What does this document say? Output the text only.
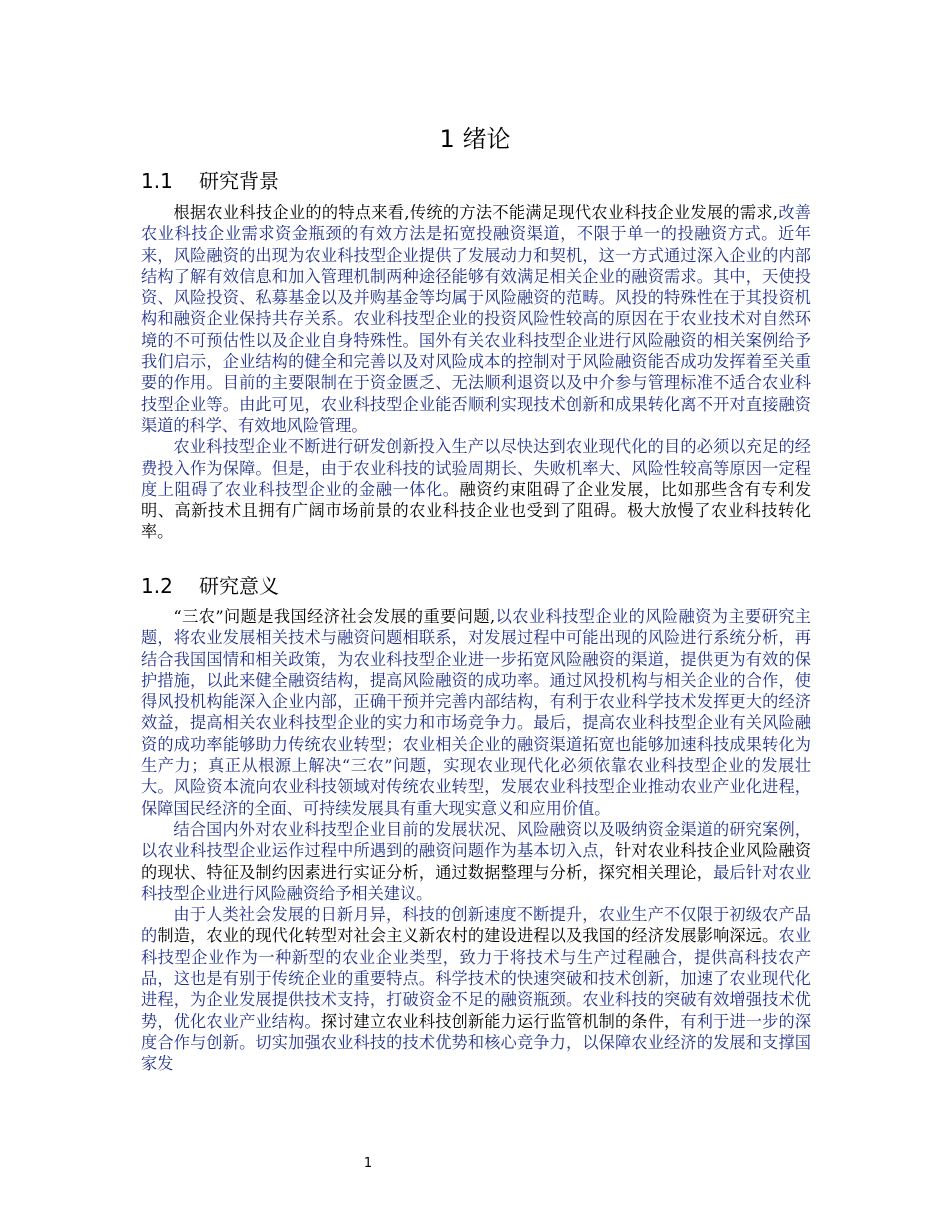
1 绪论
1.1 研究背景

根据农业科技企业的的特点来看,传统的方法不能满足现代农业科技企业发展的需求,改善农业科技企业需求资金瓶颈的有效方法是拓宽投融资渠道，不限于单一的投融资方式。近年来，风险融资的出现为农业科技型企业提供了发展动力和契机，这一方式通过深入企业的内部结构了解有效信息和加入管理机制两种途径能够有效满足相关企业的融资需求。其中，天使投资、风险投资、私募基金以及并购基金等均属于风险融资的范畴。风投的特殊性在于其投资机构和融资企业保持共存关系。农业科技型企业的投资风险性较高的原因在于农业技术对自然环境的不可预估性以及企业自身特殊性。国外有关农业科技型企业进行风险融资的相关案例给予我们启示，企业结构的健全和完善以及对风险成本的控制对于风险融资能否成功发挥着至关重要的作用。目前的主要限制在于资金匮乏、无法顺利退资以及中介参与管理标准不适合农业科技型企业等。由此可见，农业科技型企业能否顺利实现技术创新和成果转化离不开对直接融资渠道的科学、有效地风险管理。

农业科技型企业不断进行研发创新投入生产以尽快达到农业现代化的目的必须以充足的经费投入作为保障。但是，由于农业科技的试验周期长、失败机率大、风险性较高等原因一定程度上阻碍了农业科技型企业的金融一体化。融资约束阻碍了企业发展，比如那些含有专利发明、高新技术且拥有广阔市场前景的农业科技企业也受到了阻碍。极大放慢了农业科技转化率。

1.2 研究意义

“三农”问题是我国经济社会发展的重要问题,以农业科技型企业的风险融资为主要研究主题，将农业发展相关技术与融资问题相联系，对发展过程中可能出现的风险进行系统分析，再结合我国国情和相关政策，为农业科技型企业进一步拓宽风险融资的渠道，提供更为有效的保护措施，以此来健全融资结构，提高风险融资的成功率。通过风投机构与相关企业的合作，使得风投机构能深入企业内部，正确干预并完善内部结构，有利于农业科学技术发挥更大的经济效益，提高相关农业科技型企业的实力和市场竞争力。最后，提高农业科技型企业有关风险融资的成功率能够助力传统农业转型；农业相关企业的融资渠道拓宽也能够加速科技成果转化为生产力；真正从根源上解决“三农”问题，实现农业现代化必须依靠农业科技型企业的发展壮大。风险资本流向农业科技领域对传统农业转型，发展农业科技型企业推动农业产业化进程，保障国民经济的全面、可持续发展具有重大现实意义和应用价值。

结合国内外对农业科技型企业目前的发展状况、风险融资以及吸纳资金渠道的研究案例，以农业科技型企业运作过程中所遇到的融资问题作为基本切入点，针对农业科技企业风险融资的现状、特征及制约因素进行实证分析，通过数据整理与分析，探究相关理论，最后针对农业科技型企业进行风险融资给予相关建议。

由于人类社会发展的日新月异，科技的创新速度不断提升，农业生产不仅限于初级农产品的制造，农业的现代化转型对社会主义新农村的建设进程以及我国的经济发展影响深远。农业科技型企业作为一种新型的农业企业类型，致力于将技术与生产过程融合，提供高科技农产品，这也是有别于传统企业的重要特点。科学技术的快速突破和技术创新，加速了农业现代化进程，为企业发展提供技术支持，打破资金不足的融资瓶颈。农业科技的突破有效增强技术优势，优化农业产业结构。探讨建立农业科技创新能力运行监管机制的条件，有利于进一步的深度合作与创新。切实加强农业科技的技术优势和核心竞争力，以保障农业经济的发展和支撑国家发

1
